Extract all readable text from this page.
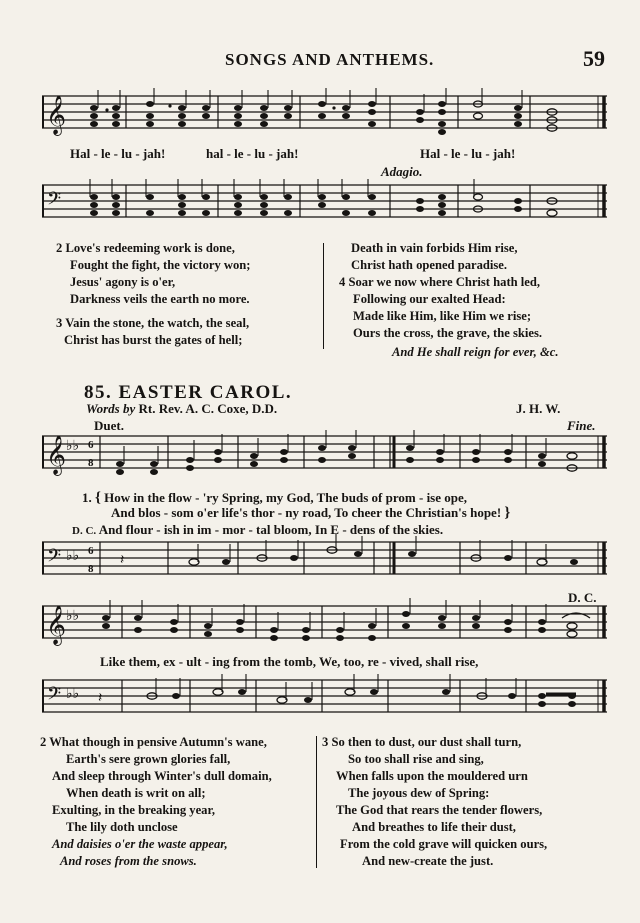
SONGS AND ANTHEMS.	59
𝄞
Hal - le - lu - jah!	hal - le - lu - jah!	Hal - le - lu - jah!
Adagio.
𝄢
2 Love's redeeming work is done,
Fought the fight, the victory won;
Jesus' agony is o'er,
Darkness veils the earth no more.
3 Vain the stone, the watch, the seal,
Christ has burst the gates of hell;
Death in vain forbids Him rise,
Christ hath opened paradise.
4 Soar we now where Christ hath led,
Following our exalted Head:
Made like Him, like Him we rise;
Ours the cross, the grave, the skies.
And He shall reign for ever, &c.
85. EASTER CAROL.
Words by Rt. Rev. A. C. Coxe, D.D.	J. H. W.
Duet.	Fine.
𝄞 ♭♭ 6
8
1. { How in the flow - 'ry Spring, my God, The buds of prom - ise ope,
And blos - som o'er life's thor - ny road, To cheer the Christian's hope! }
D. C. And flour - ish in im - mor - tal bloom, In E - dens of the skies.
𝄢 ♭♭ 6
8
𝄽
D. C.
𝄞 ♭♭
Like them, ex - ult - ing from the tomb, We, too, re - vived, shall rise,
𝄢 ♭♭ 𝄽
2 What though in pensive Autumn's wane,
Earth's sere grown glories fall,
And sleep through Winter's dull domain,
When death is writ on all;
Exulting, in the breaking year,
The lily doth unclose
And daisies o'er the waste appear,
And roses from the snows.
3 So then to dust, our dust shall turn,
So too shall rise and sing,
When falls upon the mouldered urn
The joyous dew of Spring:
The God that rears the tender flowers,
And breathes to life their dust,
From the cold grave will quicken ours,
And new-create the just.
